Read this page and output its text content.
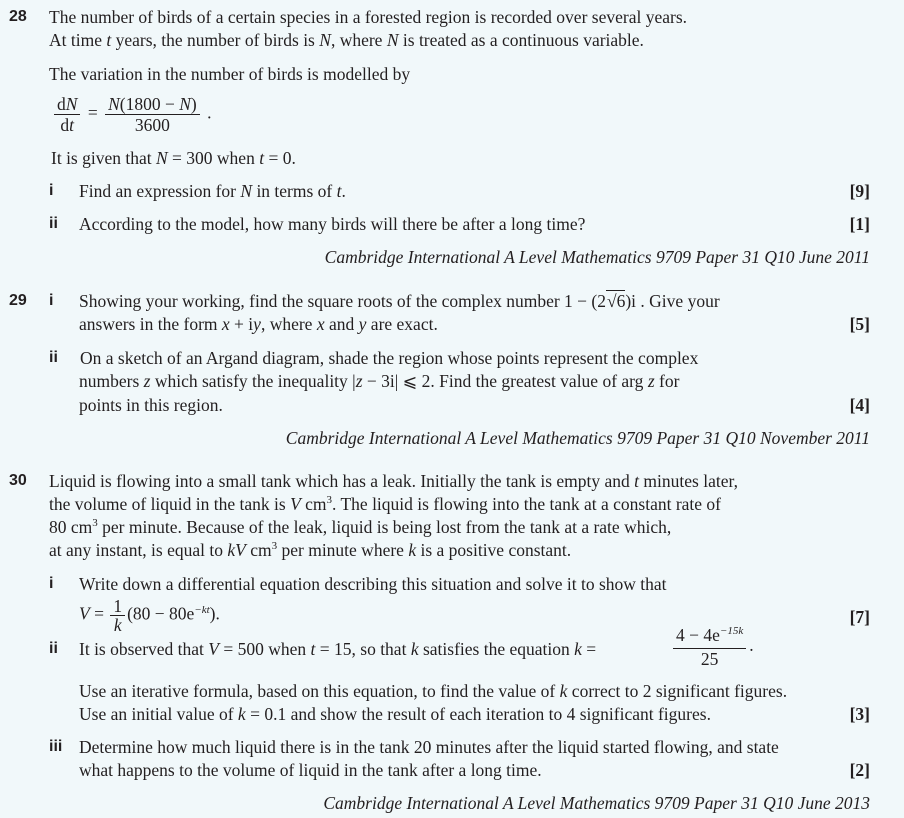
28 The number of birds of a certain species in a forested region is recorded over several years.
At time t years, the number of birds is N, where N is treated as a continuous variable.
The variation in the number of birds is modelled by
$\frac{dN}{dt} = \frac{N(1800 - N)}{3600}$ .
It is given that N = 300 when t = 0.
i Find an expression for N in terms of t.	[9]
ii According to the model, how many birds will there be after a long time?	[1]
Cambridge International A Level Mathematics 9709 Paper 31 Q10 June 2011
29 i Showing your working, find the square roots of the complex number 1 − (2√6)i . Give your
answers in the form x + iy, where x and y are exact.	[5]
ii On a sketch of an Argand diagram, shade the region whose points represent the complex
numbers z which satisfy the inequality |z − 3i| ⩽ 2. Find the greatest value of arg z for
points in this region.	[4]
Cambridge International A Level Mathematics 9709 Paper 31 Q10 November 2011
30 Liquid is flowing into a small tank which has a leak. Initially the tank is empty and t minutes later,
the volume of liquid in the tank is V $cm^3$. The liquid is flowing into the tank at a constant rate of
80 $cm^3$ per minute. Because of the leak, liquid is being lost from the tank at a rate which,
at any instant, is equal to kV $cm^3$ per minute where k is a positive constant.
i Write down a differential equation describing this situation and solve it to show that
$V = \frac{1}{k} (80 - 80e^{-kt})$.	[7]
ii It is observed that V = 500 when t = 15, so that k satisfies the equation k =	$\frac{4 - 4e^{-15k}}{25}$ .
Use an iterative formula, based on this equation, to find the value of k correct to 2 significant figures.
Use an initial value of k = 0.1 and show the result of each iteration to 4 significant figures.	[3]
iii Determine how much liquid there is in the tank 20 minutes after the liquid started flowing, and state
what happens to the volume of liquid in the tank after a long time.	[2]
Cambridge International A Level Mathematics 9709 Paper 31 Q10 June 2013
